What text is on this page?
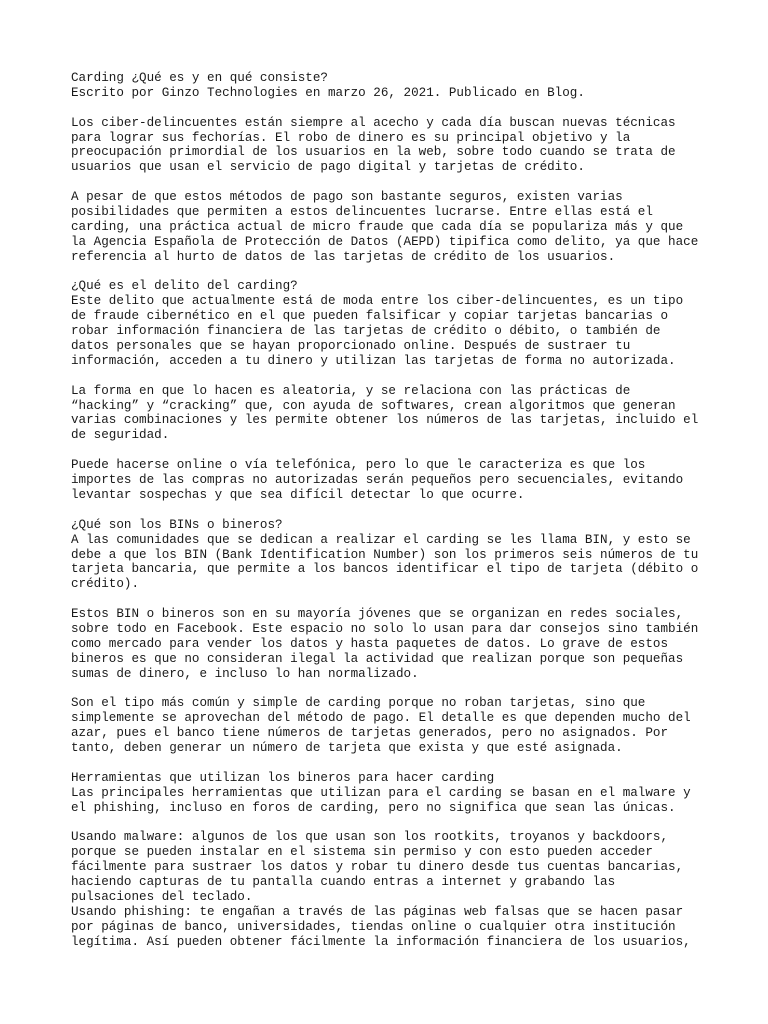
Carding ¿Qué es y en qué consiste?
Escrito por Ginzo Technologies en marzo 26, 2021. Publicado en Blog.
Los ciber-delincuentes están siempre al acecho y cada día buscan nuevas técnicas
para lograr sus fechorías. El robo de dinero es su principal objetivo y la
preocupación primordial de los usuarios en la web, sobre todo cuando se trata de
usuarios que usan el servicio de pago digital y tarjetas de crédito.
A pesar de que estos métodos de pago son bastante seguros, existen varias
posibilidades que permiten a estos delincuentes lucrarse. Entre ellas está el
carding, una práctica actual de micro fraude que cada día se populariza más y que
la Agencia Española de Protección de Datos (AEPD) tipifica como delito, ya que hace
referencia al hurto de datos de las tarjetas de crédito de los usuarios.
¿Qué es el delito del carding?
Este delito que actualmente está de moda entre los ciber-delincuentes, es un tipo
de fraude cibernético en el que pueden falsificar y copiar tarjetas bancarias o
robar información financiera de las tarjetas de crédito o débito, o también de
datos personales que se hayan proporcionado online. Después de sustraer tu
información, acceden a tu dinero y utilizan las tarjetas de forma no autorizada.
La forma en que lo hacen es aleatoria, y se relaciona con las prácticas de
“hacking” y “cracking” que, con ayuda de softwares, crean algoritmos que generan
varias combinaciones y les permite obtener los números de las tarjetas, incluido el
de seguridad.
Puede hacerse online o vía telefónica, pero lo que le caracteriza es que los
importes de las compras no autorizadas serán pequeños pero secuenciales, evitando
levantar sospechas y que sea difícil detectar lo que ocurre.
¿Qué son los BINs o bineros?
A las comunidades que se dedican a realizar el carding se les llama BIN, y esto se
debe a que los BIN (Bank Identification Number) son los primeros seis números de tu
tarjeta bancaria, que permite a los bancos identificar el tipo de tarjeta (débito o
crédito).
Estos BIN o bineros son en su mayoría jóvenes que se organizan en redes sociales,
sobre todo en Facebook. Este espacio no solo lo usan para dar consejos sino también
como mercado para vender los datos y hasta paquetes de datos. Lo grave de estos
bineros es que no consideran ilegal la actividad que realizan porque son pequeñas
sumas de dinero, e incluso lo han normalizado.
Son el tipo más común y simple de carding porque no roban tarjetas, sino que
simplemente se aprovechan del método de pago. El detalle es que dependen mucho del
azar, pues el banco tiene números de tarjetas generados, pero no asignados. Por
tanto, deben generar un número de tarjeta que exista y que esté asignada.
Herramientas que utilizan los bineros para hacer carding
Las principales herramientas que utilizan para el carding se basan en el malware y
el phishing, incluso en foros de carding, pero no significa que sean las únicas.
Usando malware: algunos de los que usan son los rootkits, troyanos y backdoors,
porque se pueden instalar en el sistema sin permiso y con esto pueden acceder
fácilmente para sustraer los datos y robar tu dinero desde tus cuentas bancarias,
haciendo capturas de tu pantalla cuando entras a internet y grabando las
pulsaciones del teclado.
Usando phishing: te engañan a través de las páginas web falsas que se hacen pasar
por páginas de banco, universidades, tiendas online o cualquier otra institución
legítima. Así pueden obtener fácilmente la información financiera de los usuarios,
